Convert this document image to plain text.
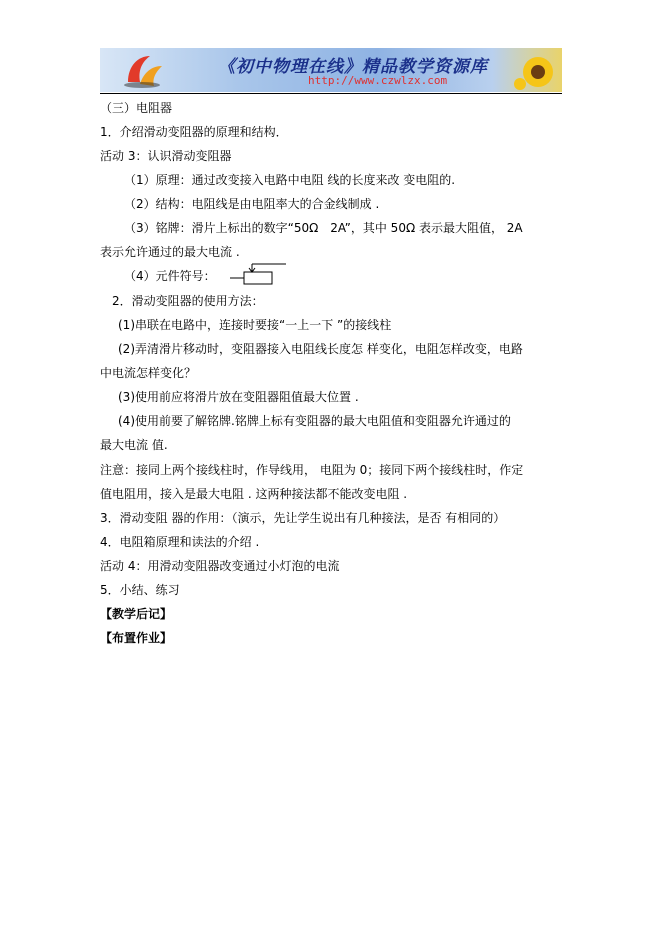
《初中物理在线》精品教学资源库
http://www.czwlzx.com
（三）电阻器
1．介绍滑动变阻器的原理和结构．
活动 3：认识滑动变阻器
（1）原理：通过改变接入电路中电阻 线的长度来改 变电阻的.
（2）结构：电阻线是由电阻率大的合金线制成 .
（3）铭牌：滑片上标出的数字“50Ω　2A”，其中 50Ω 表示最大阻值， 2A
表示允许通过的最大电流 .
（4）元件符号：
2．滑动变阻器的使用方法：
(1)串联在电路中，连接时要接“一上一下 ”的接线柱
(2)弄清滑片移动时，变阻器接入电阻线长度怎 样变化，电阻怎样改变，电路
中电流怎样变化？
(3)使用前应将滑片放在变阻器阻值最大位置 .
(4)使用前要了解铭牌.铭牌上标有变阻器的最大电阻值和变阻器允许通过的
最大电流 值.
注意：接同上两个接线柱时，作导线用， 电阻为 0；接同下两个接线柱时，作定
值电阻用，接入是最大电阻 . 这两种接法都不能改变电阻 .
3．滑动变阻 器的作用：（演示，先让学生说出有几种接法，是否 有相同的）
4．电阻箱原理和读法的介绍 .
活动 4：用滑动变阻器改变通过小灯泡的电流
5．小结、练习
【教学后记】
【布置作业】
